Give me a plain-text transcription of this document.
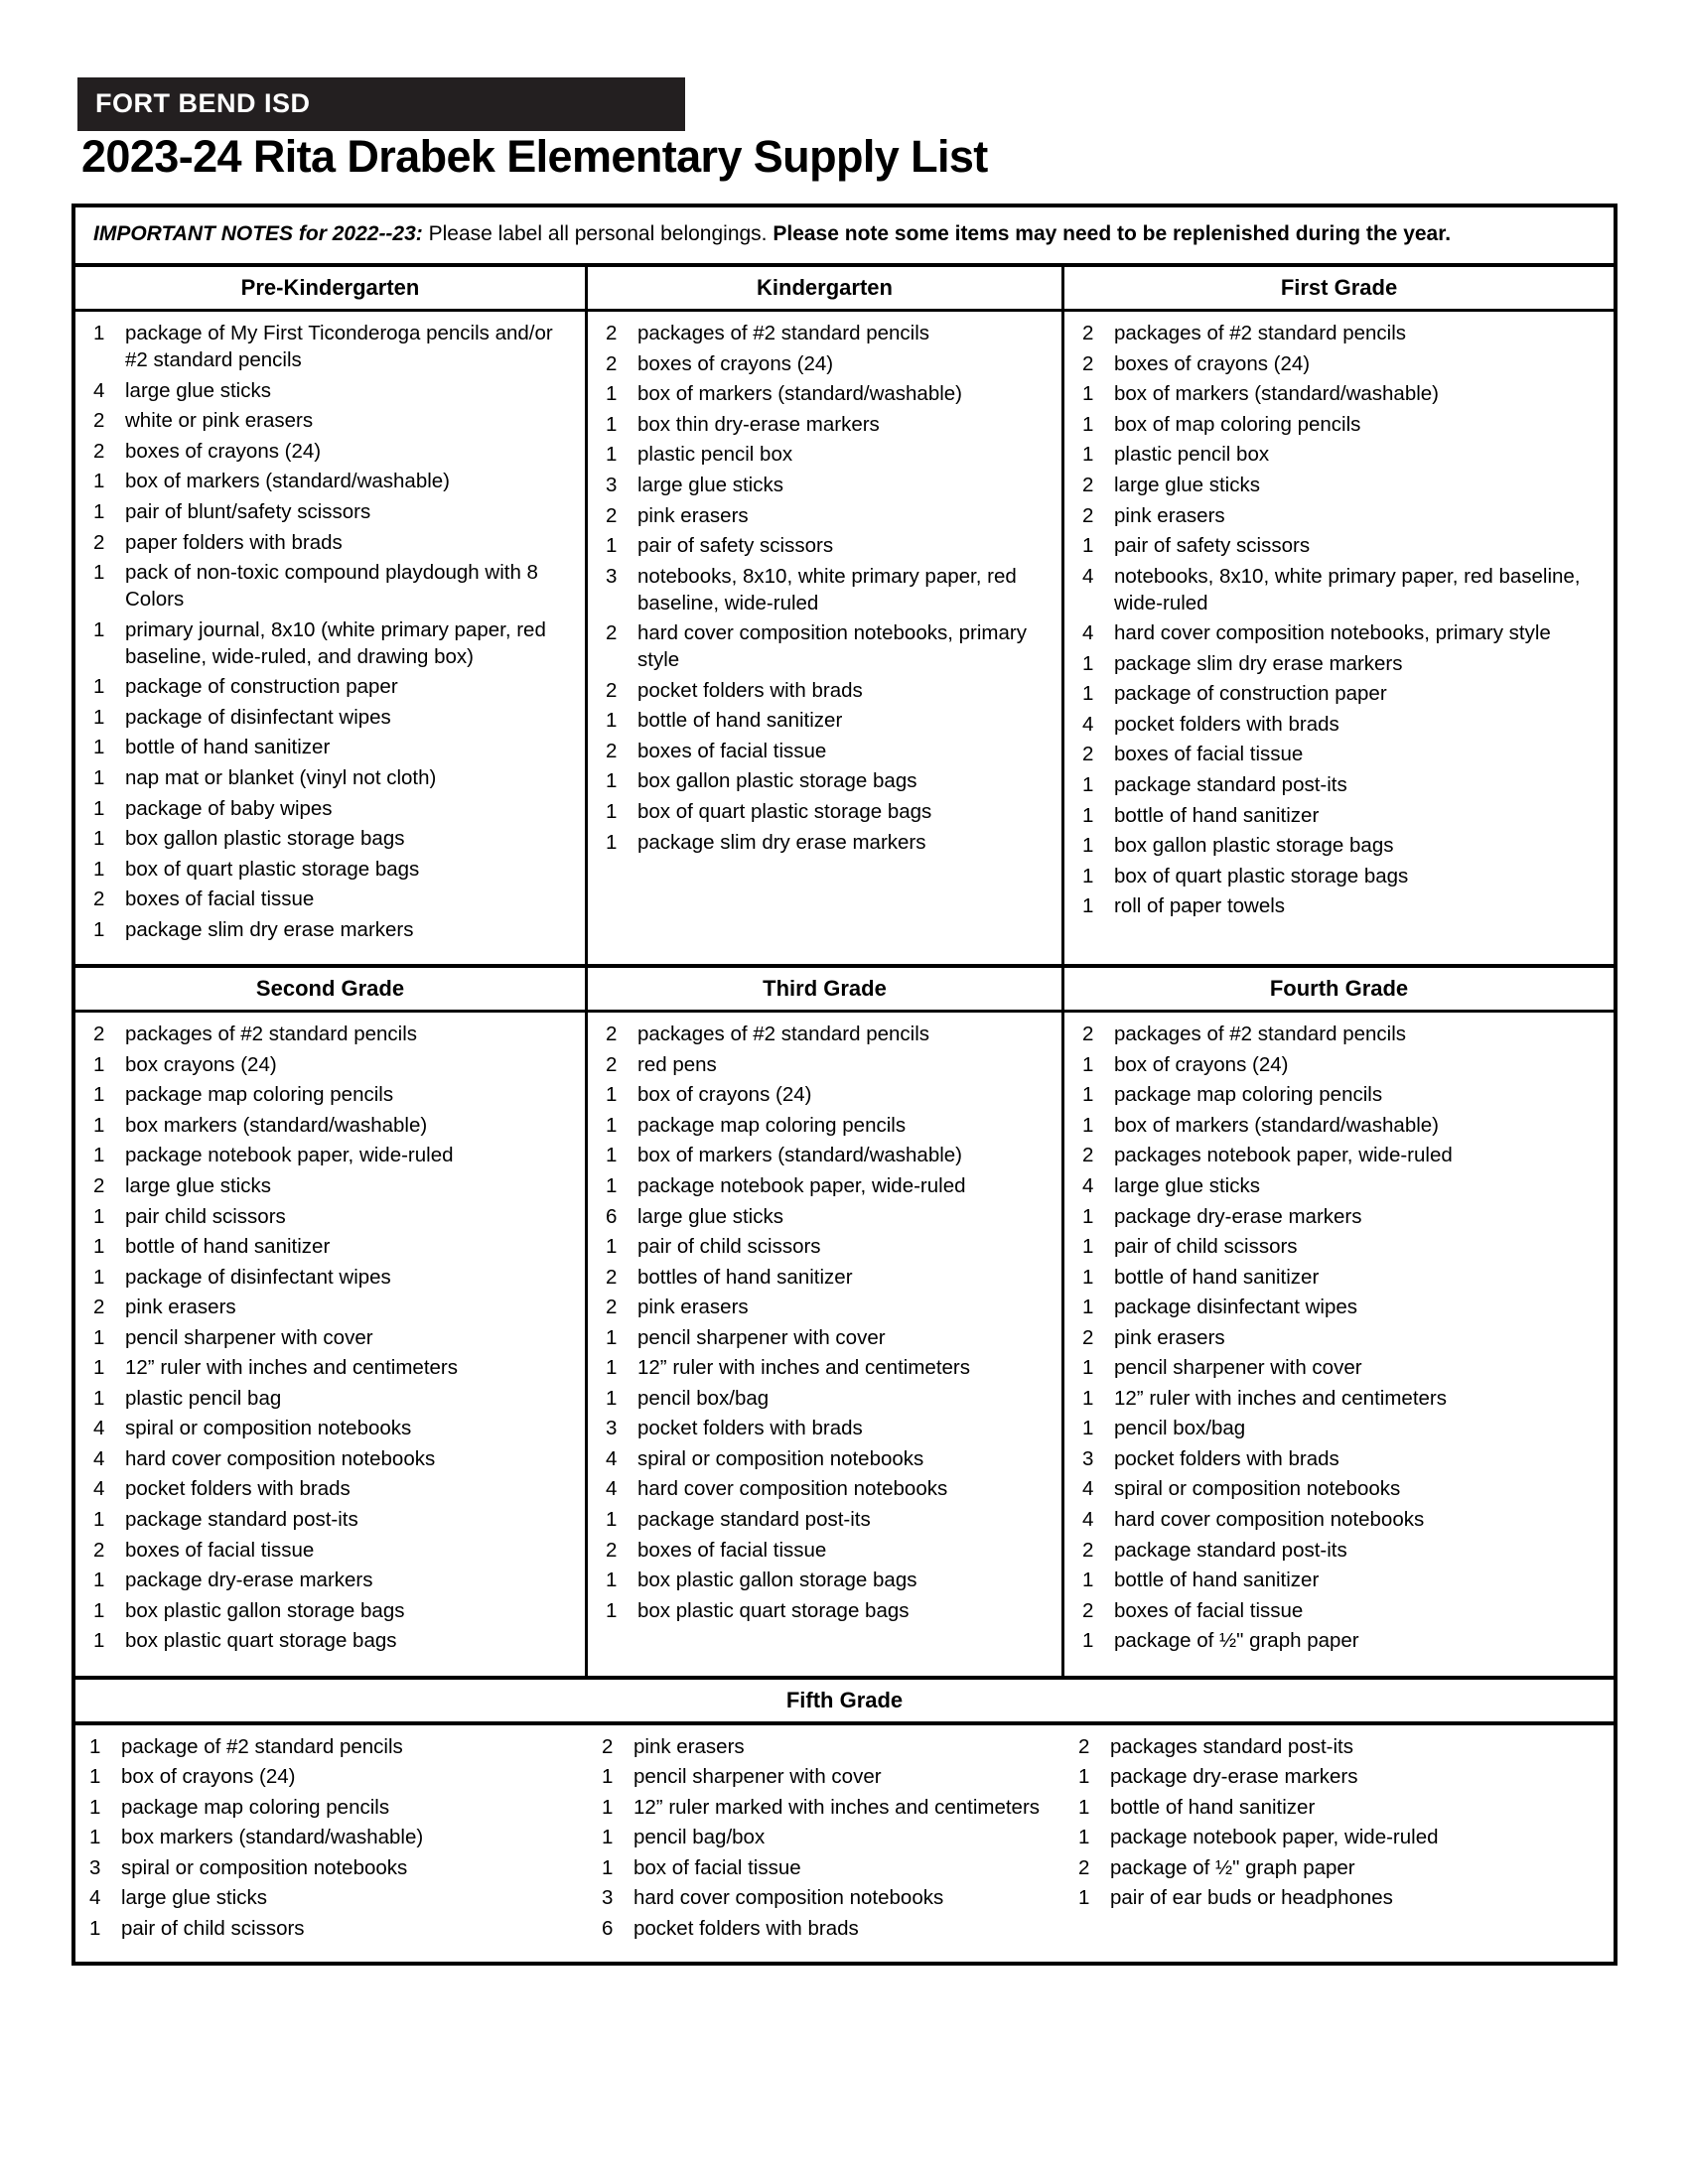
FORT BEND ISD
2023-24 Rita Drabek Elementary Supply List
IMPORTANT NOTES for 2022--23: Please label all personal belongings. Please note some items may need to be replenished during the year.
Pre-Kindergarten
1	package of My First Ticonderoga pencils and/or #2 standard pencils
4	large glue sticks
2	white or pink erasers
2	boxes of crayons (24)
1	box of markers (standard/washable)
1	pair of blunt/safety scissors
2	paper folders with brads
1	pack of non-toxic compound playdough with 8 Colors
1	primary journal, 8x10 (white primary paper, red baseline, wide-ruled, and drawing box)
1	package of construction paper
1	package of disinfectant wipes
1	bottle of hand sanitizer
1	nap mat or blanket (vinyl not cloth)
1	package of baby wipes
1	box gallon plastic storage bags
1	box of quart plastic storage bags
2	boxes of facial tissue
1	package slim dry erase markers
Kindergarten
2	packages of #2 standard pencils
2	boxes of crayons (24)
1	box of markers (standard/washable)
1	box thin dry-erase markers
1	plastic pencil box
3	large glue sticks
2	pink erasers
1	pair of safety scissors
3	notebooks, 8x10, white primary paper, red baseline, wide-ruled
2	hard cover composition notebooks, primary style
2	pocket folders with brads
1	bottle of hand sanitizer
2	boxes of facial tissue
1	box gallon plastic storage bags
1	box of quart plastic storage bags
1	package slim dry erase markers
First Grade
2	packages of #2 standard pencils
2	boxes of crayons (24)
1	box of markers (standard/washable)
1	box of map coloring pencils
1	plastic pencil box
2	large glue sticks
2	pink erasers
1	pair of safety scissors
4	notebooks, 8x10, white primary paper, red baseline, wide-ruled
4	hard cover composition notebooks, primary style
1	package slim dry erase markers
1	package of construction paper
4	pocket folders with brads
2	boxes of facial tissue
1	package standard post-its
1	bottle of hand sanitizer
1	box gallon plastic storage bags
1	box of quart plastic storage bags
1	roll of paper towels
Second Grade
2	packages of #2 standard pencils
1	box crayons (24)
1	package map coloring pencils
1	box markers (standard/washable)
1	package notebook paper, wide-ruled
2	large glue sticks
1	pair child scissors
1	bottle of hand sanitizer
1	package of disinfectant wipes
2	pink erasers
1	pencil sharpener with cover
1	12” ruler with inches and centimeters
1	plastic pencil bag
4	spiral or composition notebooks
4	hard cover composition notebooks
4	pocket folders with brads
1	package standard post-its
2	boxes of facial tissue
1	package dry-erase markers
1	box plastic gallon storage bags
1	box plastic quart storage bags
Third Grade
2	packages of #2 standard pencils
2	red pens
1	box of crayons (24)
1	package map coloring pencils
1	box of markers (standard/washable)
1	package notebook paper, wide-ruled
6	large glue sticks
1	pair of child scissors
2	bottles of hand sanitizer
2	pink erasers
1	pencil sharpener with cover
1	12” ruler with inches and centimeters
1	pencil box/bag
3	pocket folders with brads
4	spiral or composition notebooks
4	hard cover composition notebooks
1	package standard post-its
2	boxes of facial tissue
1	box plastic gallon storage bags
1	box plastic quart storage bags
Fourth Grade
2	packages of #2 standard pencils
1	box of crayons (24)
1	package map coloring pencils
1	box of markers (standard/washable)
2	packages notebook paper, wide-ruled
4	large glue sticks
1	package dry-erase markers
1	pair of child scissors
1	bottle of hand sanitizer
1	package disinfectant wipes
2	pink erasers
1	pencil sharpener with cover
1	12” ruler with inches and centimeters
1	pencil box/bag
3	pocket folders with brads
4	spiral or composition notebooks
4	hard cover composition notebooks
2	package standard post-its
1	bottle of hand sanitizer
2	boxes of facial tissue
1	package of ½" graph paper
Fifth Grade
1	package of #2 standard pencils
1	box of crayons (24)
1	package map coloring pencils
1	box markers (standard/washable)
3	spiral or composition notebooks
4	large glue sticks
1	pair of child scissors
2	pink erasers
1	pencil sharpener with cover
1	12” ruler marked with inches and centimeters
1	pencil bag/box
1	box of facial tissue
3	hard cover composition notebooks
6	pocket folders with brads
2	packages standard post-its
1	package dry-erase markers
1	bottle of hand sanitizer
1	package notebook paper, wide-ruled
2	package of ½" graph paper
1	pair of ear buds or headphones
